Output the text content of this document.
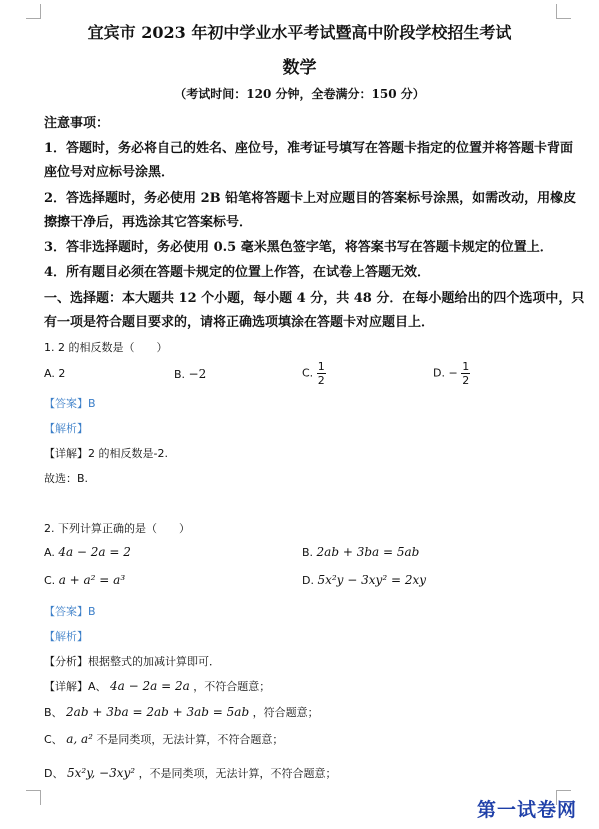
宜宾市 2023 年初中学业水平考试暨高中阶段学校招生考试
数学
（考试时间：120 分钟，全卷满分：150 分）
注意事项：
1．答题时，务必将自己的姓名、座位号，准考证号填写在答题卡指定的位置并将答题卡背面
座位号对应标号涂黑．
2．答选择题时，务必使用 2B 铅笔将答题卡上对应题目的答案标号涂黑，如需改动，用橡皮
擦擦干净后，再选涂其它答案标号．
3．答非选择题时，务必使用 0.5 毫米黑色签字笔，将答案书写在答题卡规定的位置上．
4．所有题目必须在答题卡规定的位置上作答，在试卷上答题无效．
一、选择题：本大题共 12 个小题，每小题 4 分，共 48 分．在每小题给出的四个选项中，只
有一项是符合题目要求的，请将正确选项填涂在答题卡对应题目上．
1. 2 的相反数是（　　）
A. 2	B. −2	C. $\frac{1}{2}$	D. − $\frac{1}{2}$
【答案】B
【解析】
【详解】2 的相反数是-2.
故选：B.
2. 下列计算正确的是（　　）
A. 4a − 2a = 2	B. 2ab + 3ba = 5ab
C. a + a² = a³	D. 5x²y − 3xy² = 2xy
【答案】B
【解析】
【分析】根据整式的加减计算即可．
【详解】A、 4a − 2a = 2a ，不符合题意；
B、 2ab + 3ba = 2ab + 3ab = 5ab ，符合题意；
C、 a, a² 不是同类项，无法计算，不符合题意；
D、 5x²y, −3xy² ，不是同类项，无法计算，不符合题意；
第一试卷网
